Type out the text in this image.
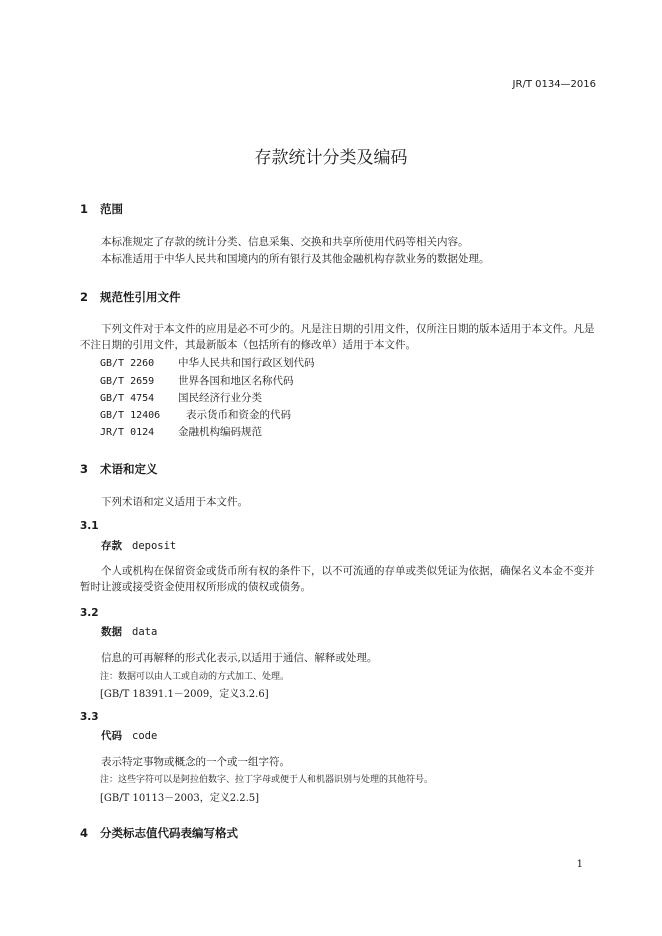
JR/T 0134—2016
存款统计分类及编码
1 范围
本标准规定了存款的统计分类、信息采集、交换和共享所使用代码等相关内容。
本标准适用于中华人民共和国境内的所有银行及其他金融机构存款业务的数据处理。
2 规范性引用文件
下列文件对于本文件的应用是必不可少的。凡是注日期的引用文件，仅所注日期的版本适用于本文件。凡是不注日期的引用文件，其最新版本（包括所有的修改单）适用于本文件。
GB/T 2260 中华人民共和国行政区划代码
GB/T 2659 世界各国和地区名称代码
GB/T 4754 国民经济行业分类
GB/T 12406 表示货币和资金的代码
JR/T 0124 金融机构编码规范
3 术语和定义
下列术语和定义适用于本文件。
3.1
存款 deposit
个人或机构在保留资金或货币所有权的条件下，以不可流通的存单或类似凭证为依据，确保名义本金不变并暂时让渡或接受资金使用权所形成的债权或债务。
3.2
数据 data
信息的可再解释的形式化表示,以适用于通信、解释或处理。
注：数据可以由人工或自动的方式加工、处理。
[GB/T 18391.1－2009，定义3.2.6]
3.3
代码 code
表示特定事物或概念的一个或一组字符。
注：这些字符可以是阿拉伯数字、拉丁字母或便于人和机器识别与处理的其他符号。
[GB/T 10113－2003，定义2.2.5]
4 分类标志值代码表编写格式
1
